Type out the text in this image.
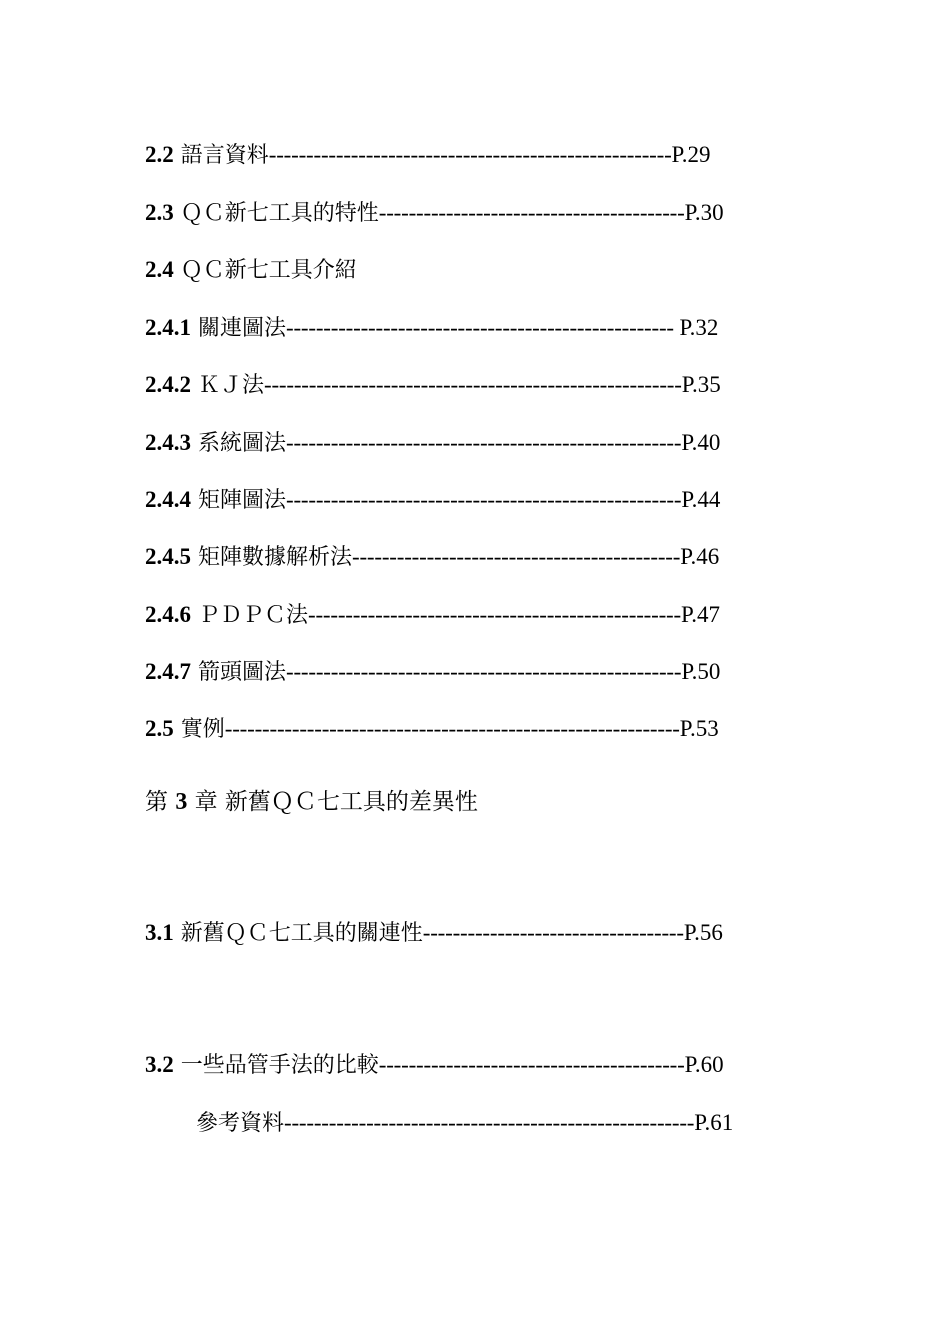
2.2 語言資料------------------------------------------------------P.29
2.3 ＱＣ新七工具的特性-----------------------------------------P.30
2.4 ＱＣ新七工具介紹
2.4.1 關連圖法---------------------------------------------------- P.32
2.4.2 ＫＪ法--------------------------------------------------------P.35
2.4.3 系統圖法-----------------------------------------------------P.40
2.4.4 矩陣圖法-----------------------------------------------------P.44
2.4.5 矩陣數據解析法--------------------------------------------P.46
2.4.6 ＰＤＰＣ法--------------------------------------------------P.47
2.4.7 箭頭圖法-----------------------------------------------------P.50
2.5 實例-------------------------------------------------------------P.53
第 3 章 新舊ＱＣ七工具的差異性
3.1 新舊ＱＣ七工具的關連性-----------------------------------P.56
3.2 一些品管手法的比較-----------------------------------------P.60
參考資料-------------------------------------------------------P.61
